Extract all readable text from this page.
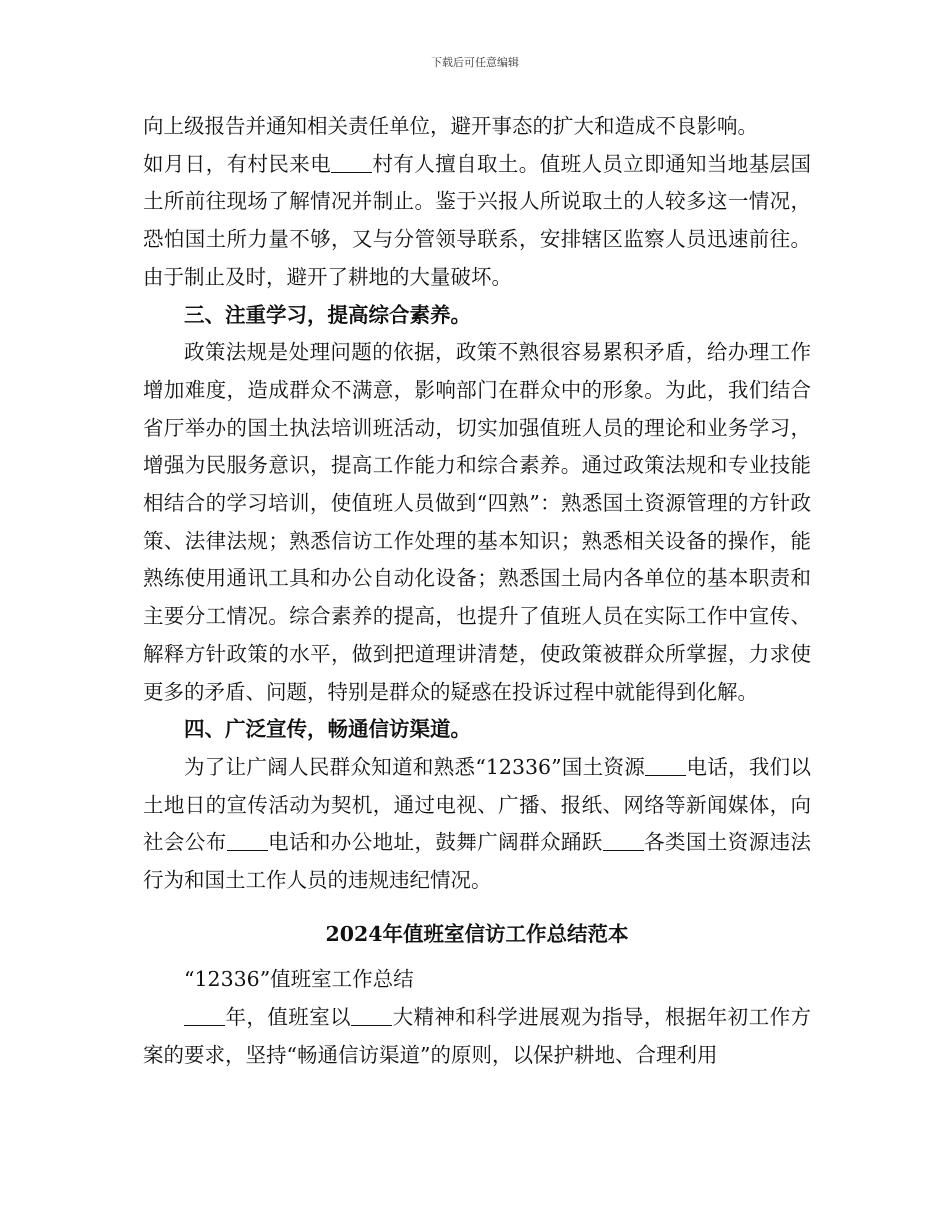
下载后可任意编辑

向上级报告并通知相关责任单位，避开事态的扩大和造成不良影响。

如月日，有村民来电 村有人擅自取土。值班人员立即通知当地基层国土所前往现场了解情况并制止。鉴于兴报人所说取土的人较多这一情况，恐怕国土所力量不够，又与分管领导联系，安排辖区监察人员迅速前往。由于制止及时，避开了耕地的大量破坏。

三、注重学习，提高综合素养。

政策法规是处理问题的依据，政策不熟很容易累积矛盾，给办理工作增加难度，造成群众不满意，影响部门在群众中的形象。为此，我们结合省厅举办的国土执法培训班活动，切实加强值班人员的理论和业务学习，增强为民服务意识，提高工作能力和综合素养。通过政策法规和专业技能相结合的学习培训，使值班人员做到“四熟”：熟悉国土资源管理的方针政策、法律法规；熟悉信访工作处理的基本知识；熟悉相关设备的操作，能熟练使用通讯工具和办公自动化设备；熟悉国土局内各单位的基本职责和主要分工情况。综合素养的提高，也提升了值班人员在实际工作中宣传、解释方针政策的水平，做到把道理讲清楚，使政策被群众所掌握，力求使更多的矛盾、问题，特别是群众的疑惑在投诉过程中就能得到化解。

四、广泛宣传，畅通信访渠道。

为了让广阔人民群众知道和熟悉“12336”国土资源 电话，我们以土地日的宣传活动为契机，通过电视、广播、报纸、网络等新闻媒体，向社会公布 电话和办公地址，鼓舞广阔群众踊跃 各类国土资源违法行为和国土工作人员的违规违纪情况。

2024年值班室信访工作总结范本

“12336”值班室工作总结

年，值班室以 大精神和科学进展观为指导，根据年初工作方案的要求，坚持“畅通信访渠道”的原则，以保护耕地、合理利用
